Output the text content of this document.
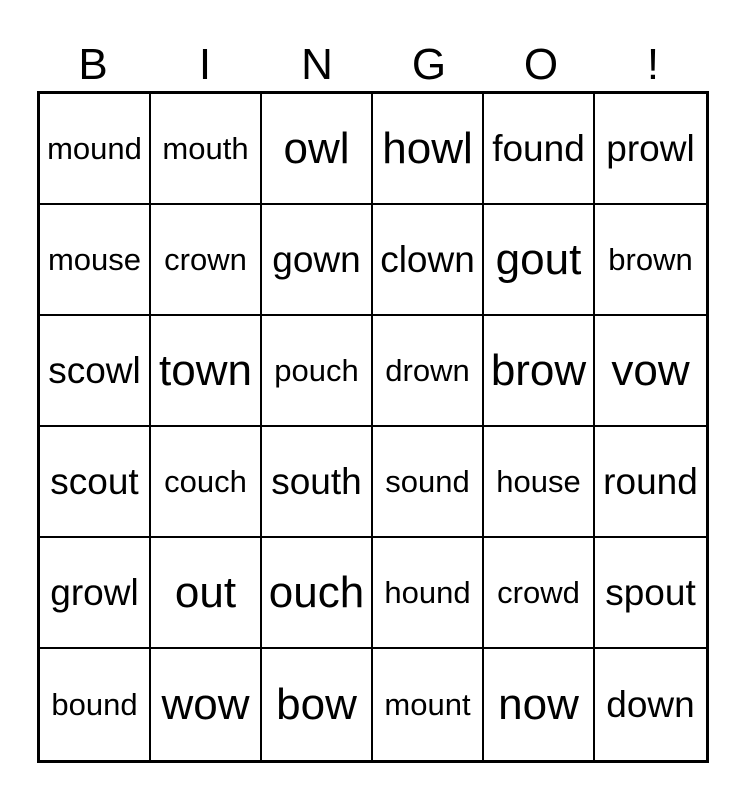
B	I	N	G	O	!
mound mouth owl howl found prowl
mouse crown gown clown gout brown
scowl town pouch drown brow vow
scout couch south sound house round
growl out ouch hound crowd spout
bound wow bow mount now down
